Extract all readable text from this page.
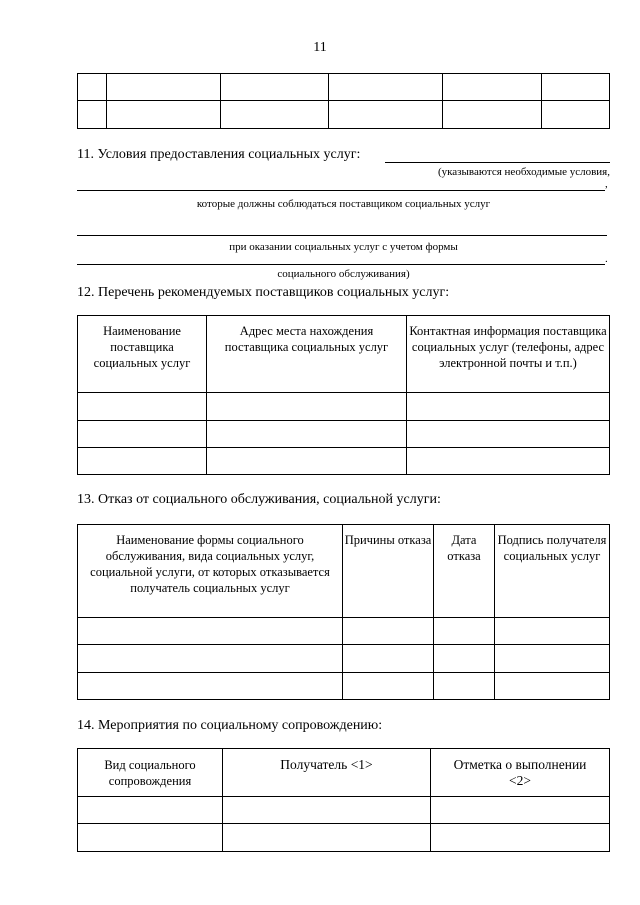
11

11. Условия предоставления социальных услуг:
(указываются необходимые условия,
,
которые должны соблюдаться поставщиком социальных услуг
при оказании социальных услуг с учетом формы
.
социального обслуживания)
12. Перечень рекомендуемых поставщиков социальных услуг:
Наименование поставщика социальных услуг	Адрес места нахождения поставщика социальных услуг	Контактная информация поставщика социальных услуг (телефоны, адрес электронной почты и т.п.)

13. Отказ от социального обслуживания, социальной услуги:
Наименование формы социального обслуживания, вида социальных услуг, социальной услуги, от которых отказывается получатель социальных услуг	Причины отказа	Дата отказа	Подпись получателя социальных услуг

14. Мероприятия по социальному сопровождению:
Вид социального сопровождения	Получатель <1>	Отметка о выполнении <2>
